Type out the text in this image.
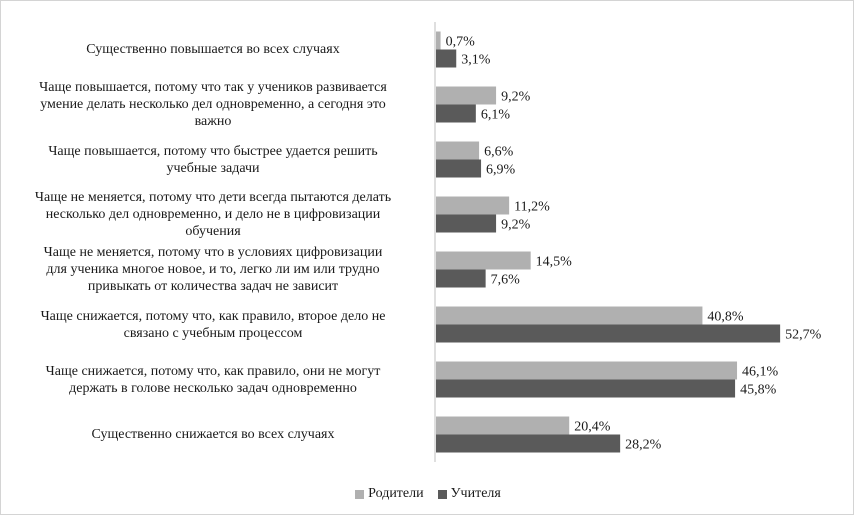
0,7%
3,1%
9,2%
6,1%
6,6%
6,9%
11,2%
9,2%
14,5%
7,6%
40,8%
52,7%
46,1%
45,8%
20,4%
28,2%
Существенно повышается во всех случаях
Чаще повышается, потому что так у учеников развивается
умение делать несколько дел одновременно, а сегодня это
важно
Чаще повышается, потому что быстрее удается решить
учебные задачи
Чаще не меняется, потому что дети всегда пытаются делать
несколько дел одновременно, и дело не в цифровизации
обучения
Чаще не меняется, потому что в условиях цифровизации
для ученика многое новое, и то, легко ли им или трудно
привыкать от количества задач не зависит
Чаще снижается, потому что, как правило, второе дело не
связано с учебным процессом
Чаще снижается, потому что, как правило, они не могут
держать в голове несколько задач одновременно
Существенно снижается во всех случаях
Родители Учителя
